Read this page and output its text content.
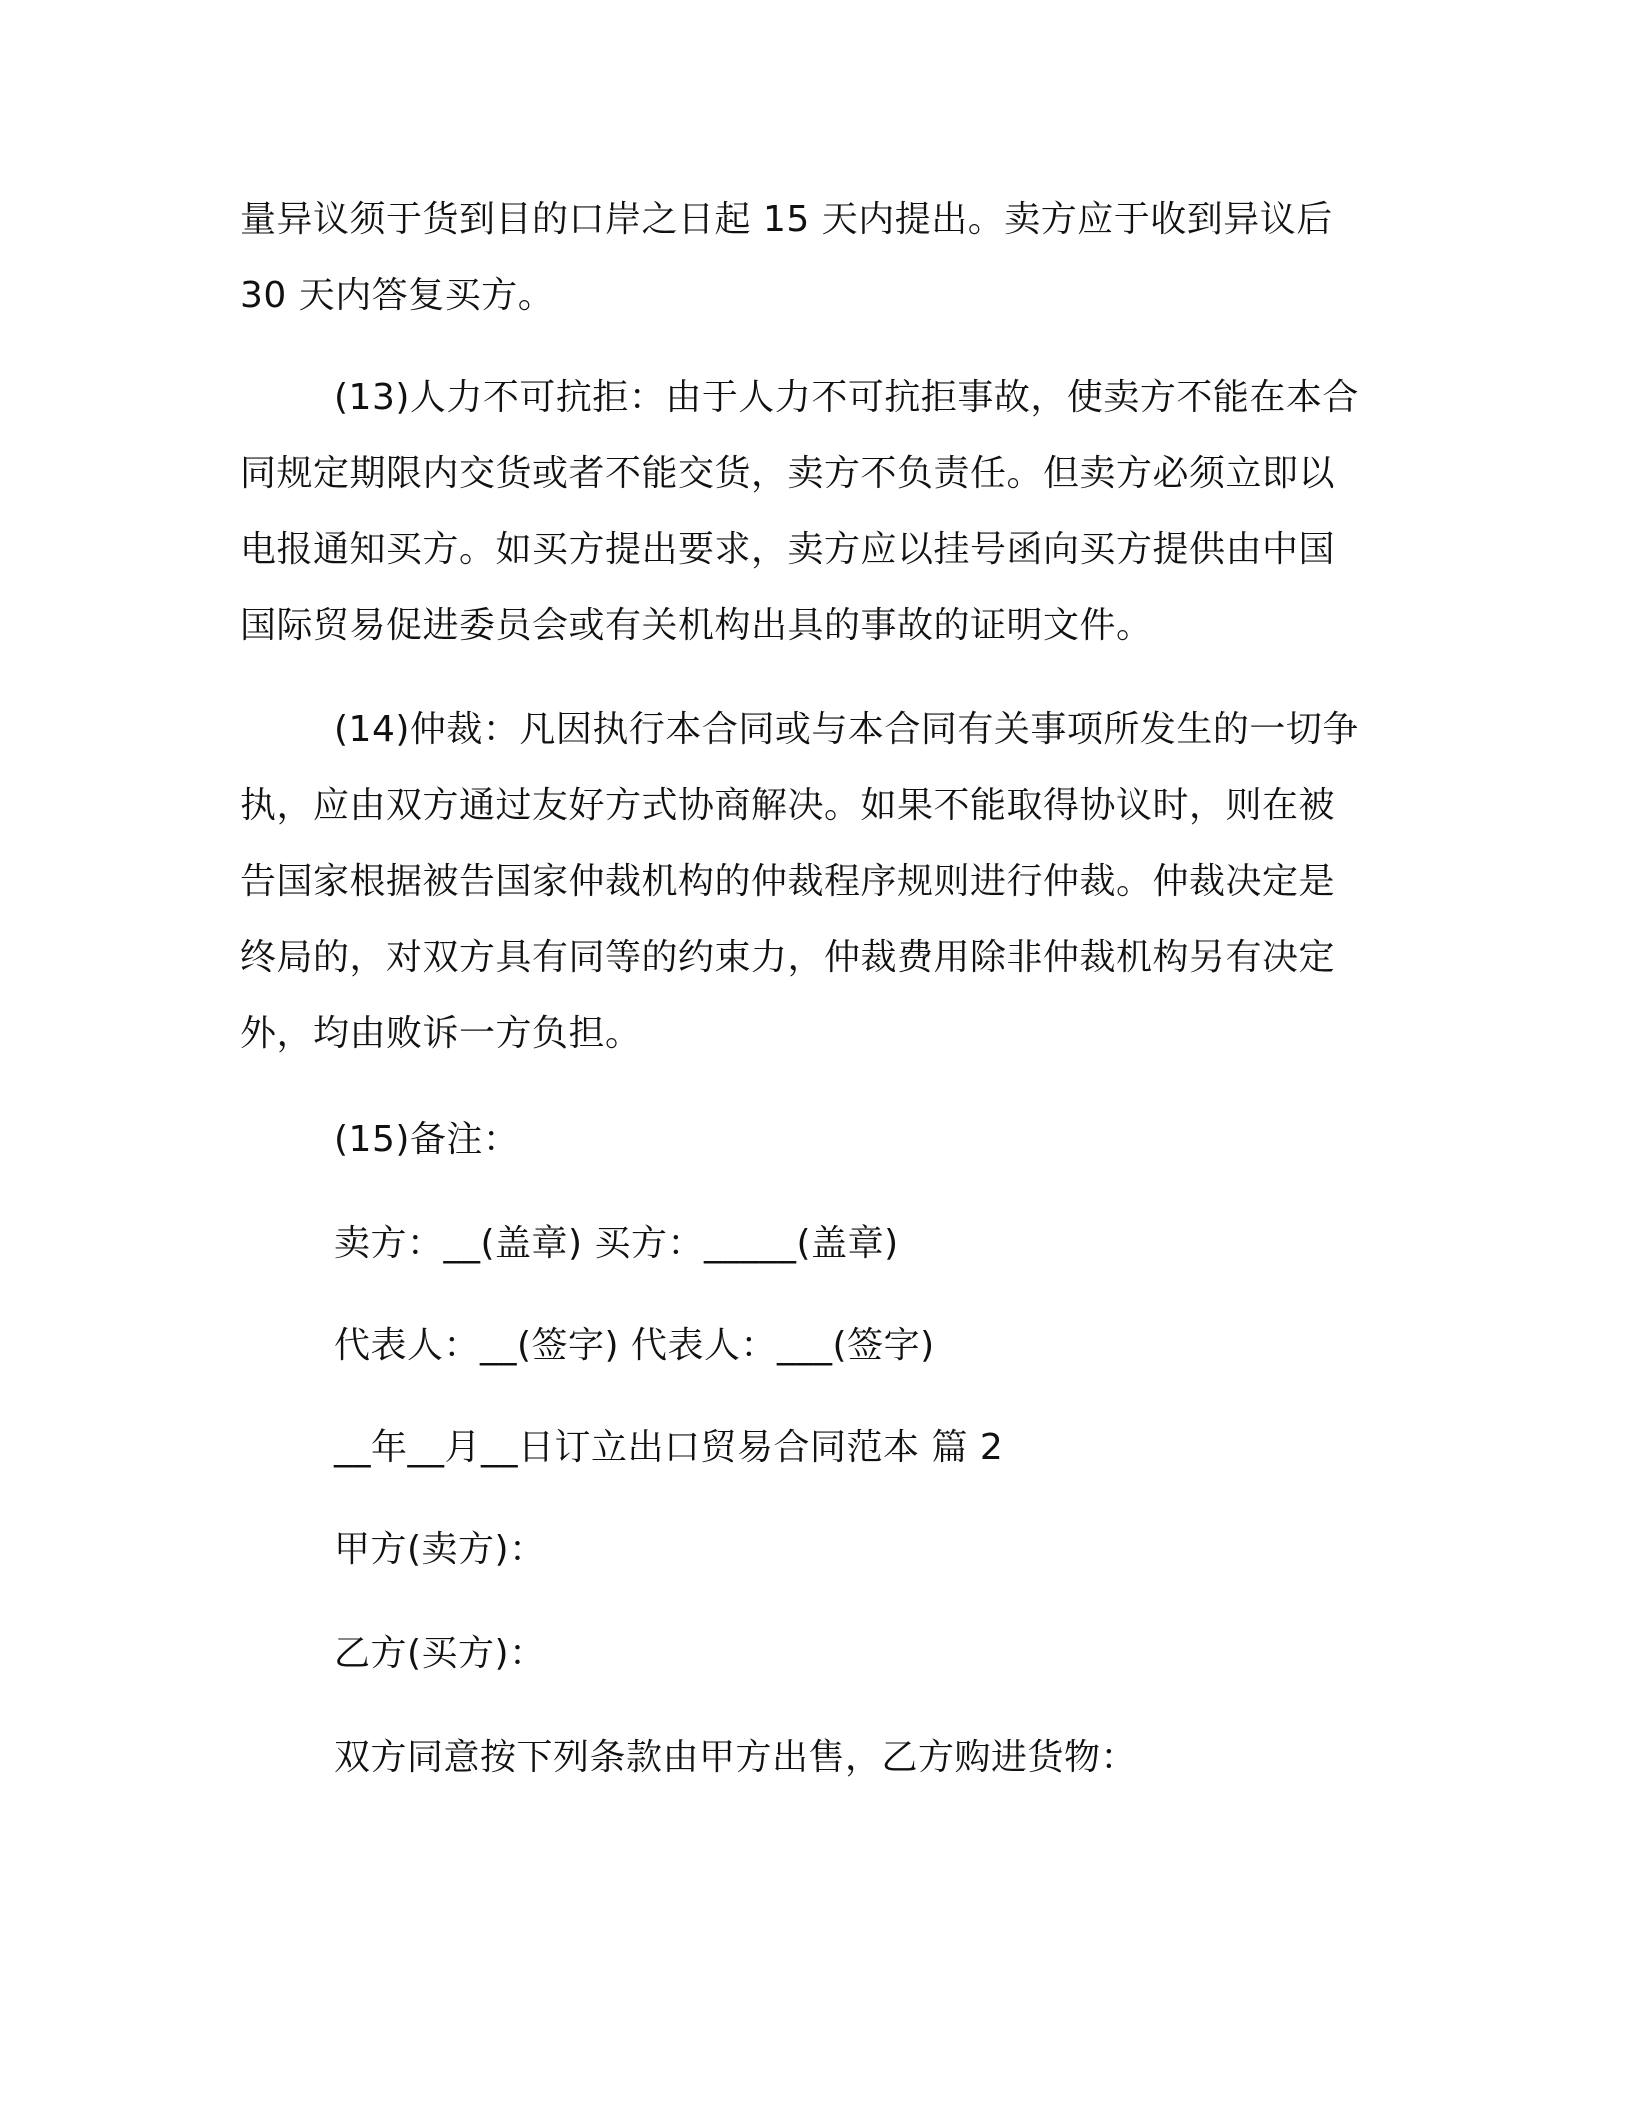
量异议须于货到目的口岸之日起 15 天内提出。卖方应于收到异议后
30 天内答复买方。
(13)人力不可抗拒：由于人力不可抗拒事故，使卖方不能在本合
同规定期限内交货或者不能交货，卖方不负责任。但卖方必须立即以
电报通知买方。如买方提出要求，卖方应以挂号函向买方提供由中国
国际贸易促进委员会或有关机构出具的事故的证明文件。
(14)仲裁：凡因执行本合同或与本合同有关事项所发生的一切争
执，应由双方通过友好方式协商解决。如果不能取得协议时，则在被
告国家根据被告国家仲裁机构的仲裁程序规则进行仲裁。仲裁决定是
终局的，对双方具有同等的约束力，仲裁费用除非仲裁机构另有决定
外，均由败诉一方负担。
(15)备注：
卖方：__(盖章) 买方：_____(盖章)
代表人：__(签字) 代表人：___(签字)
__年__月__日订立出口贸易合同范本 篇 2
甲方(卖方)：
乙方(买方)：
双方同意按下列条款由甲方出售，乙方购进货物：
